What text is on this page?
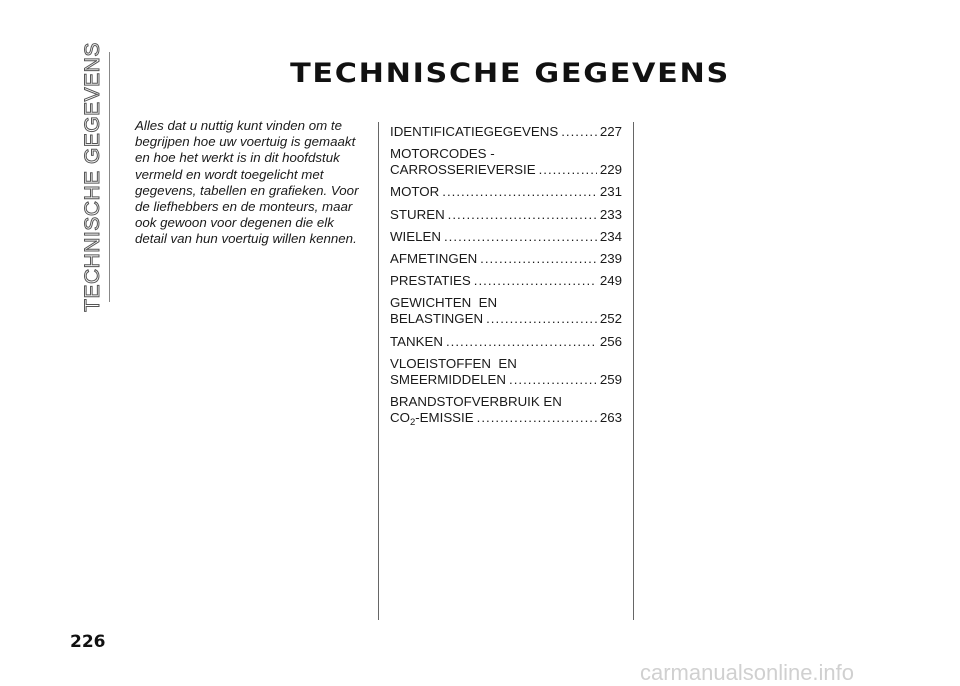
TECHNISCHE GEGEVENS	TECHNISCHE GEGEVENS

Alles dat u nuttig kunt vinden om te begrijpen hoe uw voertuig is gemaakt en hoe het werkt is in dit hoofdstuk vermeld en wordt toegelicht met gegevens, tabellen en grafieken. Voor de liefhebbers en de monteurs, maar ook gewoon voor degenen die elk detail van hun voertuig willen kennen.

IDENTIFICATIEGEGEVENS .....	227
MOTORCODES -
CARROSSERIEVERSIE .....	229
MOTOR .....	231
STUREN .....	233
WIELEN .....	234
AFMETINGEN .....	239
PRESTATIES .....	249
GEWICHTEN  EN
BELASTINGEN .....	252
TANKEN .....	256
VLOEISTOFFEN  EN
SMEERMIDDELEN .....	259
BRANDSTOFVERBRUIK EN
$CO_2$-EMISSIE .....	263
226
carmanualsonline.info
